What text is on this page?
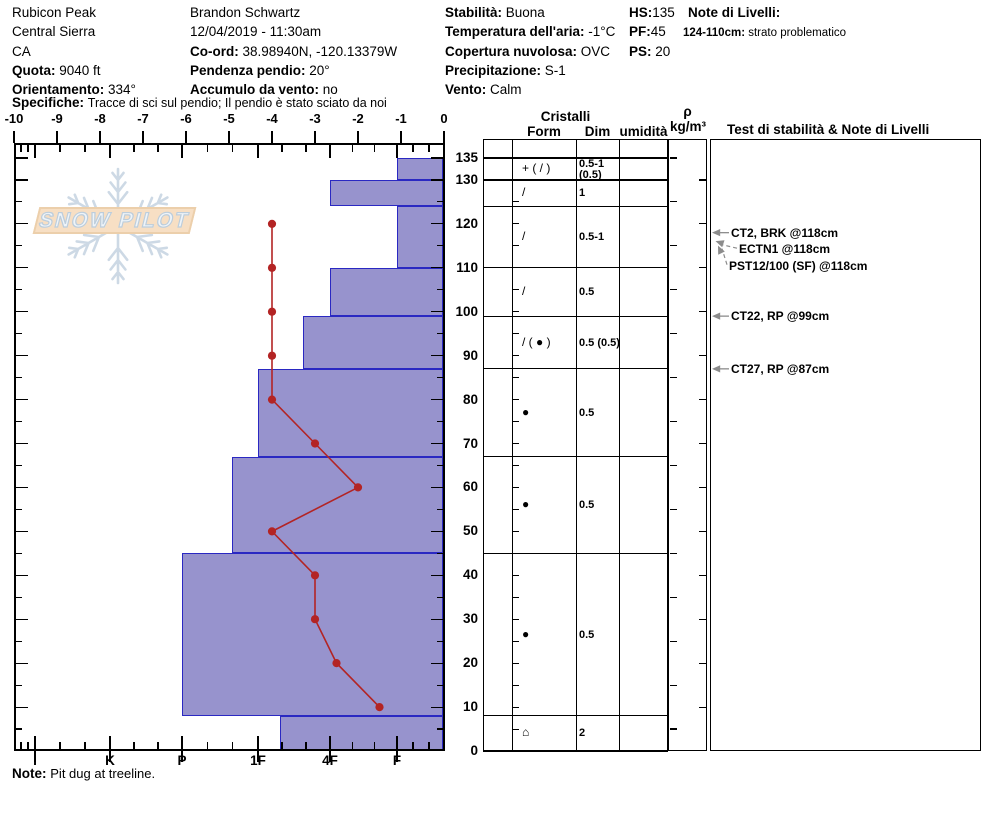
Rubicon Peak
Central Sierra
CA
Quota: 9040 ft
Orientamento: 334°
Brandon Schwartz
12/04/2019 - 11:30am
Co-ord: 38.98940N, -120.13379W
Pendenza pendio: 20°
Accumulo da vento: no
Stabilità: Buona
Temperatura dell'aria: -1°C
Copertura nuvolosa: OVC
Precipitazione: S-1
Vento: Calm
HS:135
PF:45
PS: 20
Note di Livelli:
124-110cm: strato problematico
Specifiche: Tracce di sci sul pendio; Il pendio è stato sciato da noi
SNOW PILOT
-10	-9	-8	-7	-6	-5	-4	-3	-2	-1	0
I	K	P	1F	4F	F
135
130
120
110
100
90
80
70
60
50
40
30
20
10
0
+ ( / )	0.5-1
(0.5)
/	1
/	0.5-1
/	0.5
/ ( ● )	0.5 (0.5)
●	0.5
●	0.5
●	0.5
⌂	2
CT27, RP @87cm
CT22, RP @99cm
CT2, BRK @118cm
ECTN1 @118cm
PST12/100 (SF) @118cm
Cristalli
Form	Dim umidità
ρ
kg/m³	Test di stabilità & Note di Livelli
Note: Pit dug at treeline.
